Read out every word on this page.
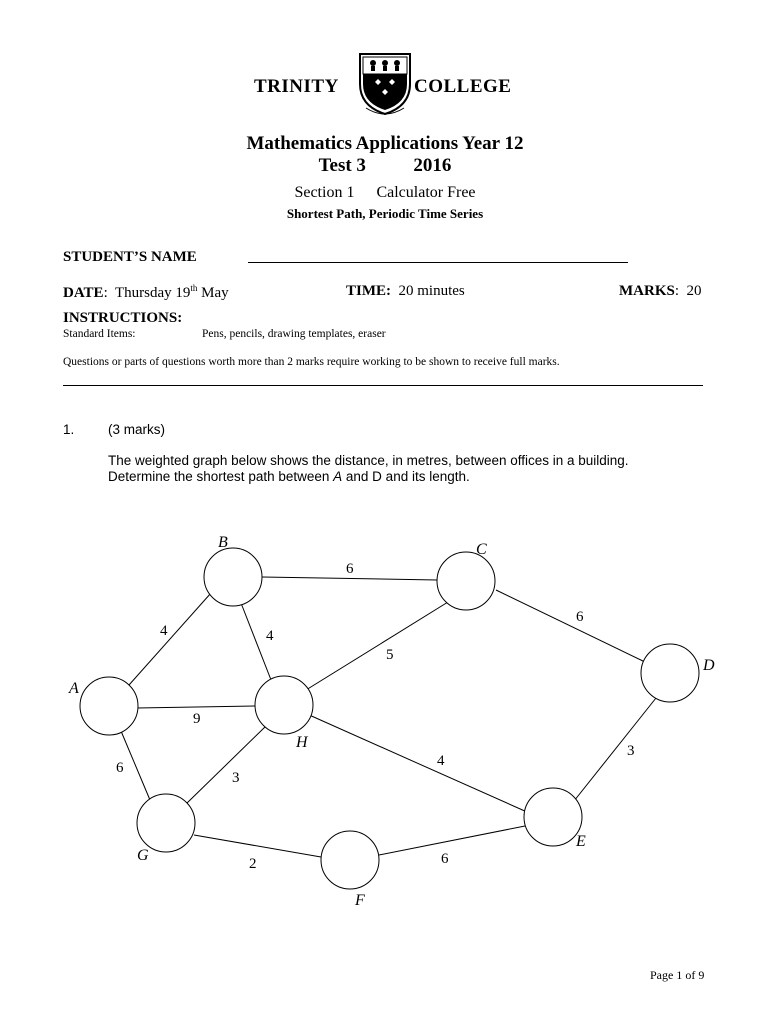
TRINITY	COLLEGE
Mathematics Applications Year 12
Test 3	2016
Section 1 Calculator Free
Shortest Path, Periodic Time Series
STUDENT’S NAME
DATE:  Thursday 19th May	TIME: 20 minutes	MARKS:  20
INSTRUCTIONS:
Standard Items:	Pens, pencils, drawing templates, eraser
Questions or parts of questions worth more than 2 marks require working to be shown to receive full marks.
1. (3 marks)
The weighted graph below shows the distance, in metres, between offices in a building.
Determine the shortest path between A and D and its length.
B	C
D
A
H
E
G
F
6
6
4	4
5
9
4
3
6
3
2	6
Page 1 of 9
